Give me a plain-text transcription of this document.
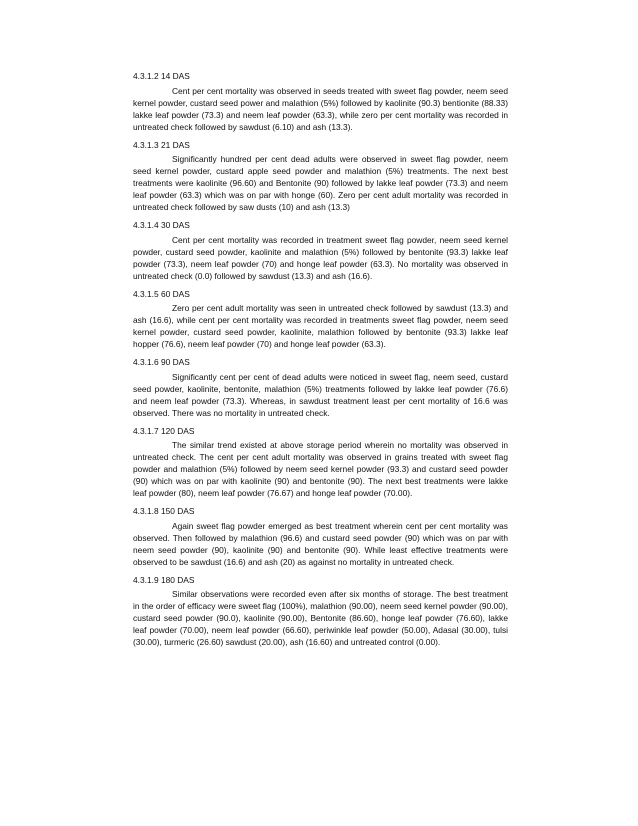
4.3.1.2 14 DAS

Cent per cent mortality was observed in seeds treated with sweet flag powder, neem seed kernel powder, custard seed power and malathion (5%) followed by kaolinite (90.3) bentionite (88.33) lakke leaf powder (73.3) and neem leaf powder (63.3), while zero per cent mortality was recorded in untreated check followed by sawdust (6.10) and ash (13.3).

4.3.1.3 21 DAS

Significantly hundred per cent dead adults were observed in sweet flag powder, neem seed kernel powder, custard apple seed powder and malathion (5%) treatments. The next best treatments were kaolinite (96.60) and Bentonite (90) followed by lakke leaf powder (73.3) and neem leaf powder (63.3) which was on par with honge (60). Zero per cent adult mortality was recorded in untreated check followed by saw dusts (10) and ash (13.3)

4.3.1.4 30 DAS

Cent per cent mortality was recorded in treatment sweet flag powder, neem seed kernel powder, custard seed powder, kaolinite and malathion (5%) followed by bentonite (93.3) lakke leaf powder (73.3), neem leaf powder (70) and honge leaf powder (63.3). No mortality was observed in untreated check (0.0) followed by sawdust (13.3) and ash (16.6).

4.3.1.5 60 DAS

Zero per cent adult mortality was seen in untreated check followed by sawdust (13.3) and ash (16.6), while cent per cent mortality was recorded in treatments sweet flag powder, neem seed kernel powder, custard seed powder, kaolinite, malathion followed by bentonite (93.3) lakke leaf hopper (76.6), neem leaf powder (70) and honge leaf powder (63.3).

4.3.1.6 90 DAS

Significantly cent per cent of dead adults were noticed in sweet flag, neem seed, custard seed powder, kaolinite, bentonite, malathion (5%) treatments followed by lakke leaf powder (76.6) and neem leaf powder (73.3). Whereas, in sawdust treatment least per cent mortality of 16.6 was observed. There was no mortality in untreated check.

4.3.1.7 120 DAS

The similar trend existed at above storage period wherein no mortality was observed in untreated check. The cent per cent adult mortality was observed in grains treated with sweet flag powder and malathion (5%) followed by neem seed kernel powder (93.3) and custard seed powder (90) which was on par with kaolinite (90) and bentonite (90). The next best treatments were lakke leaf powder (80), neem leaf powder (76.67) and honge leaf powder (70.00).

4.3.1.8 150 DAS

Again sweet flag powder emerged as best treatment wherein cent per cent mortality was observed. Then followed by malathion (96.6) and custard seed powder (90) which was on par with neem seed powder (90), kaolinite (90) and bentonite (90). While least effective treatments were observed to be sawdust (16.6) and ash (20) as against no mortality in untreated check.

4.3.1.9 180 DAS

Similar observations were recorded even after six months of storage. The best treatment in the order of efficacy were sweet flag (100%), malathion (90.00), neem seed kernel powder (90.00), custard seed powder (90.0), kaolinite (90.00), Bentonite (86.60), honge leaf powder (76.60), lakke leaf powder (70.00), neem leaf powder (66.60), periwinkle leaf powder (50.00), Adasal (30.00), tulsi (30.00), turmeric (26.60) sawdust (20.00), ash (16.60) and untreated control (0.00).
